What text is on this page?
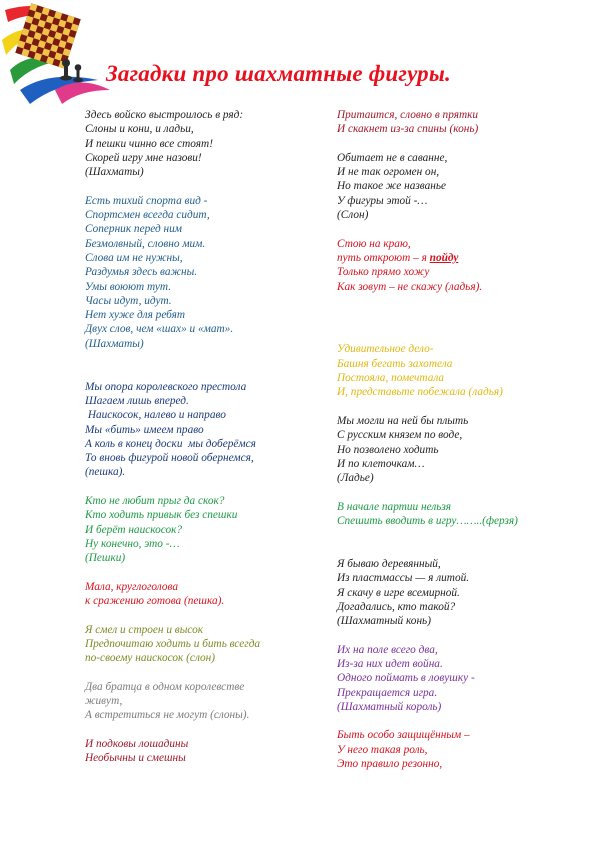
Загадки про шахматные фигуры.
Здесь войско выстроилось в ряд:
Слоны и кони, и ладьи,
И пешки чинно все стоят!
Скорей игру мне назови!
(Шахматы)
Есть тихий спорта вид -
Спортсмен всегда сидит,
Соперник перед ним
Безмолвный, словно мим.
Слова им не нужны,
Раздумья здесь важны.
Умы воюют тут.
Часы идут, идут.
Нет хуже для ребят
Двух слов, чем «шах» и «мат».
(Шахматы)
Мы опора королевского престола
Шагаем лишь вперед.
Наискосок, налево и направо
Мы «бить» имеем право
А коль в конец доски  мы доберёмся
То вновь фигурой новой обернемся,
(пешка).
Кто не любит прыг да скок?
Кто ходить привык без спешки
И берёт наискосок?
Ну конечно, это -…
(Пешки)
Мала, круглоголова
к сражению готова (пешка).
Я смел и строен и высок
Предпочитаю ходить и бить всегда
по-своему наискосок (слон)
Два братца в одном королевстве
живут,
А встретиться не могут (слоны).
И подковы лошадины
Необычны и смешны
Притаится, словно в прятки
И скакнет из-за спины (конь)
Обитает не в саванне,
И не так огромен он,
Но такое же названье
У фигуры этой -…
(Слон)
Стою на краю,
путь откроют – я пойду
Только прямо хожу
Как зовут – не скажу (ладья).
Удивительное дело-
Башня бегать захотела
Постояла, помечтала
И, представьте побежала (ладья)
Мы могли на ней бы плыть
С русским князем по воде,
Но позволено ходить
И по клеточкам…
(Ладье)
В начале партии нельзя
Спешить вводить в игру……..(ферзя)
Я бываю деревянный,
Из пластмассы — я литой.
Я скачу в игре всемирной.
Догадались, кто такой?
(Шахматный конь)
Их на поле всего два,
Из-за них идет война.
Одного поймать в ловушку -
Прекращается игра.
(Шахматный король)
Быть особо защищённым –
У него такая роль,
Это правило резонно,
